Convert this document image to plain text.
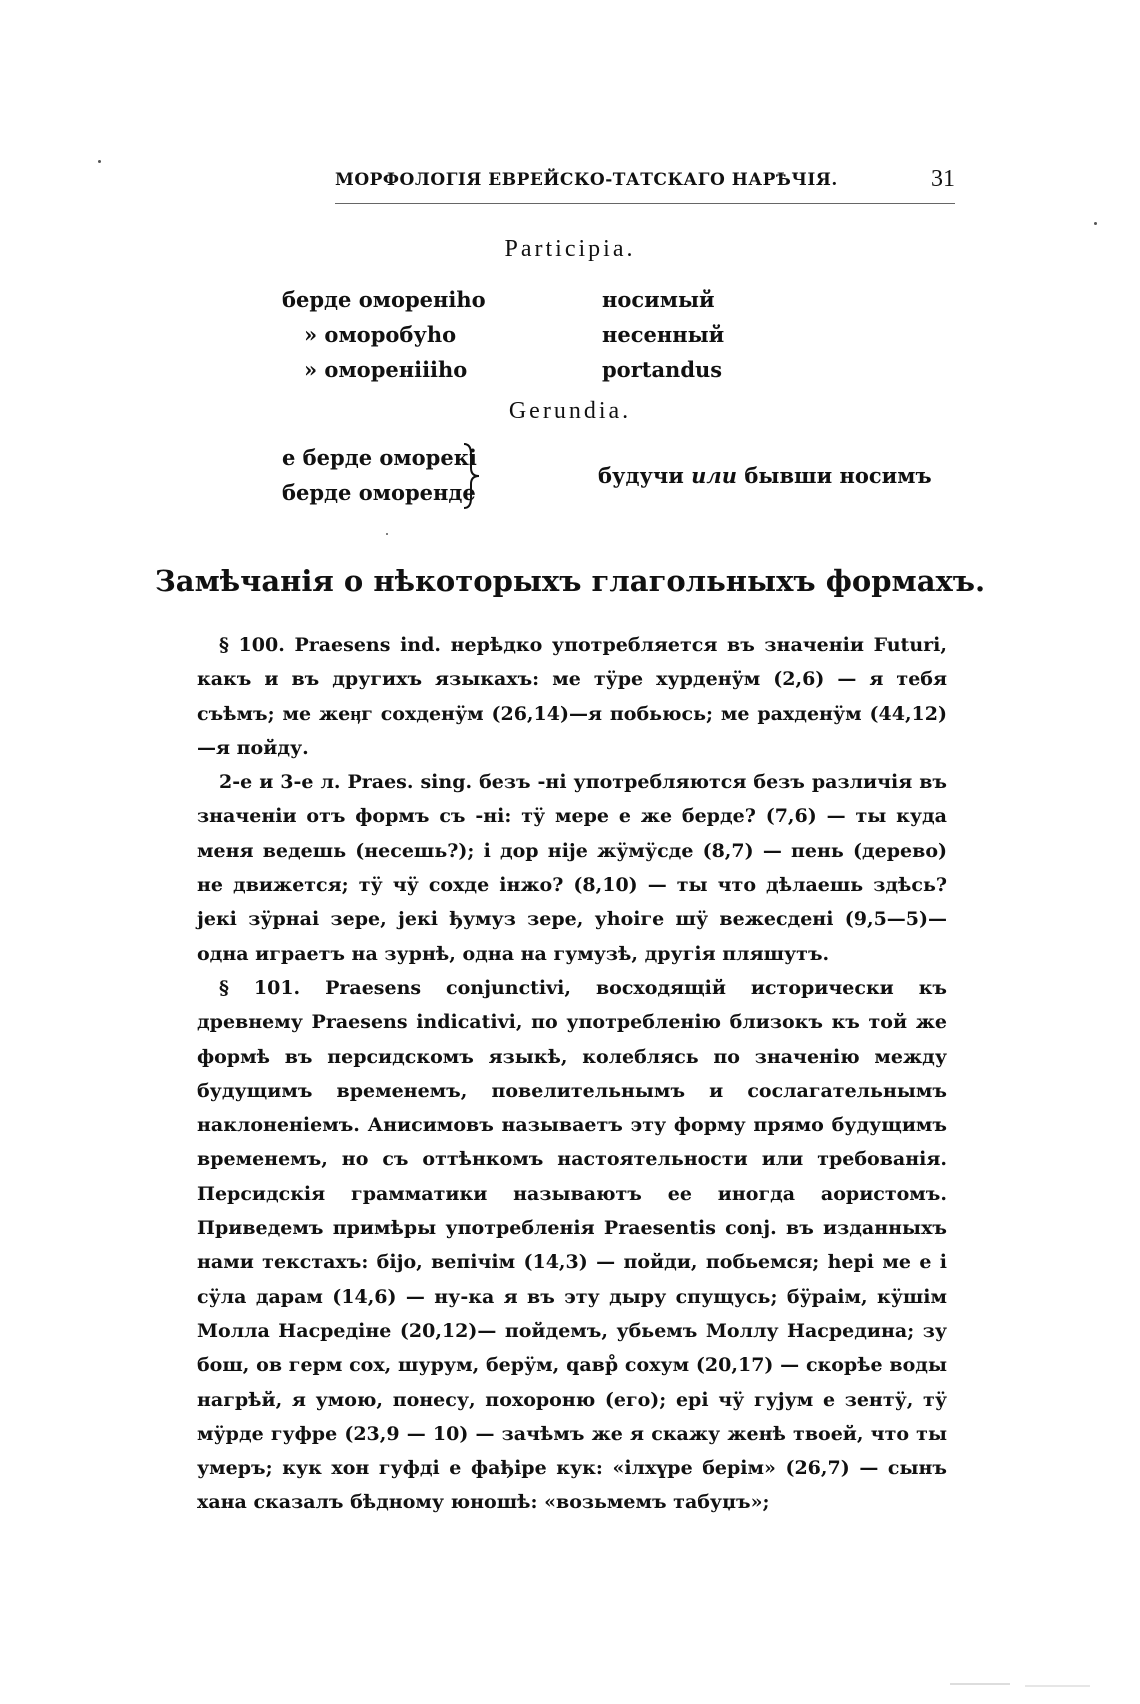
МОРФОЛОГІЯ ЕВРЕЙСКО-ТАТСКАГО НАРѢЧІЯ.	31
Participia.
берде омореніһо
» оморобуһо
» омореніііһо
носимый
несенный
portandus
Gerundia.
е берде оморекі
берде оморенде
будучи или бывши носимъ
Замѣчанія о нѣкоторыхъ глагольныхъ формахъ.

§ 100. Praesens ind. нерѣдко употребляется въ значеніи Futuri, какъ и въ другихъ языкахъ: ме тӱре хурденӱм (2,6) — я тебя съѣмъ; ме жеӊг сохденӱм (26,14)—я побьюсь; ме рахденӱм (44,12)—я пойду.

2-е и 3-е л. Praes. sing. безъ -ні употребляются безъ различія въ значеніи отъ формъ съ -ні: тӱ мере е же берде? (7,6) — ты куда меня ведешь (несешь?); і дор ніје жӱмӱсде (8,7) — пень (дерево) не движется; тӱ чӱ сохде інжо? (8,10) — ты что дѣлаешь здѣсь? јекі зӱрнаі зере, јекі ђумуз зере, уһоіге шӱ вежесдені (9,5—5)—одна играетъ на зурнѣ, одна на гумузѣ, другія пляшутъ.

§ 101. Praesens conjunctivi, восходящій исторически къ древнему Praesens indicativi, по употребленію близокъ къ той же формѣ въ персидскомъ языкѣ, колеблясь по значенію между будущимъ временемъ, повелительнымъ и сослагательнымъ наклоненіемъ. Анисимовъ называетъ эту форму прямо будущимъ временемъ, но съ оттѣнкомъ настоятельности или требованія. Персидскія грамматики называютъ ее иногда аористомъ. Приведемъ примѣры употребленія Praesentis conj. въ изданныхъ нами текстахъ: біјо, вепічім (14,3) — пойди, побьемся; һері ме е і сӱла дарам (14,6) — ну-ка я въ эту дыру спущусь; бӱраім, кӱшім Молла Насредіне (20,12)— пойдемъ, убьемъ Моллу Насредина; зу бош, ов герм сох, шурум, берӱм, qавр̊ сохум (20,17) — скорѣе воды нагрѣй, я умою, понесу, похороню (его); ері чӱ гујум е зентӱ, тӱ мӱрде гуфре (23,9 — 10) — зачѣмъ же я скажу женѣ твоей, что ты умеръ; кук хон гуфді е фађіре кук: «ілхүре берім» (26,7) — сынъ хана сказалъ бѣдному юношѣ: «возьмемъ табуџъ»;
